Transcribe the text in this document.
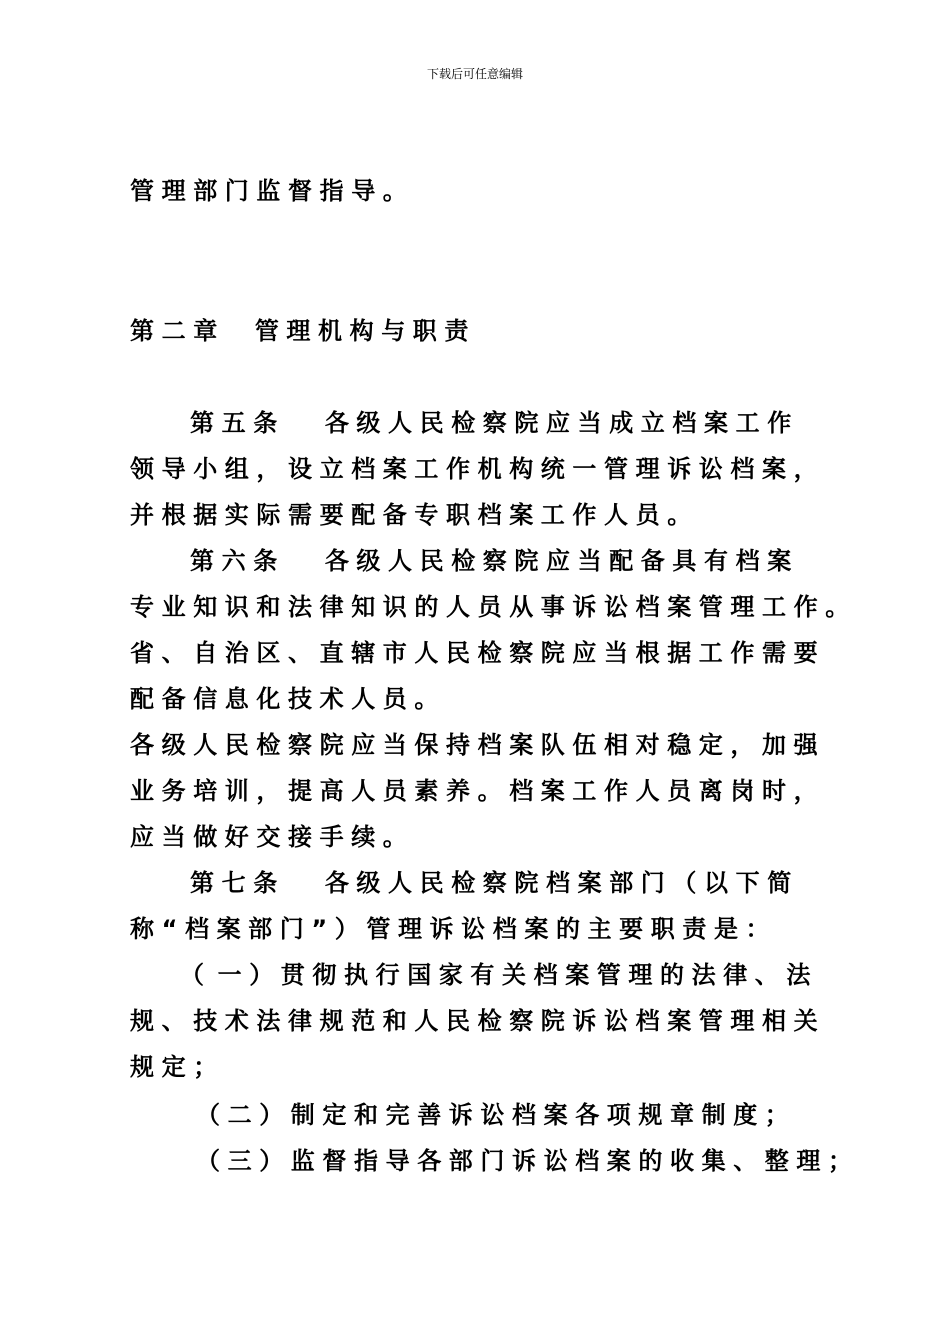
下载后可任意编辑
管理部门监督指导。
第二章 管理机构与职责
第五条 各级人民检察院应当成立档案工作
领导小组，设立档案工作机构统一管理诉讼档案，
并根据实际需要配备专职档案工作人员。
第六条 各级人民检察院应当配备具有档案
专业知识和法律知识的人员从事诉讼档案管理工作。
省、自治区、直辖市人民检察院应当根据工作需要
配备信息化技术人员。
各级人民检察院应当保持档案队伍相对稳定，加强
业务培训，提高人员素养。档案工作人员离岗时，
应当做好交接手续。
第七条 各级人民检察院档案部门（以下简
称“档案部门”）管理诉讼档案的主要职责是：
（ 一）贯彻执行国家有关档案管理的法律、法
规、技术法律规范和人民检察院诉讼档案管理相关
规定；
（二）制定和完善诉讼档案各项规章制度；
（三）监督指导各部门诉讼档案的收集、整理；
